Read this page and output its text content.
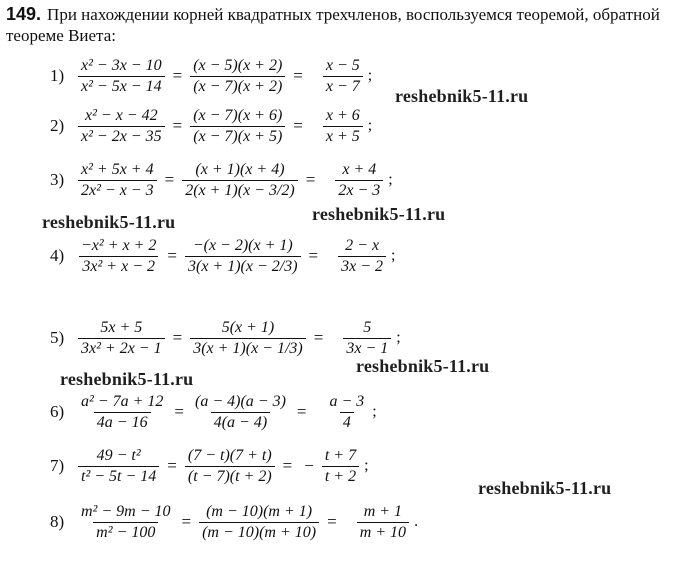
149. При нахождении корней квадратных трехчленов, воспользуемся теоремой, обратной теореме Виета:
$1) \frac{\text{x² − 3x − 10}}{\text{x² − 5x − 14}} = \frac{(x - 5)(x + 2)}{(x - 7)(x + 2)} = \frac{x - 5}{x - 7}$ ;
$2) \frac{\text{x² − x − 42}}{\text{x² − 2x − 35}} = \frac{(x - 7)(x + 6)}{(x - 7)(x + 5)} = \frac{x + 6}{x + 5}$ ;
$3) \frac{\text{x² + 5x + 4}}{\text{2x² − x − 3}} = \frac{(x + 1)(x + 4)}{2(x + 1)(x - 3/2)} = \frac{x + 4}{2x - 3}$ ;
$4) \frac{\text{−x² + x + 2}}{\text{3x² + x − 2}} = \frac{-(x - 2)(x + 1)}{3(x + 1)(x - 2/3)} = \frac{2 - x}{3x - 2}$ ;
$5) \frac{5x + 5}{\text{3x² + 2x − 1}} = \frac{5(x + 1)}{3(x + 1)(x - 1/3)} = \frac{5}{3x - 1}$ ;
$6) \frac{\text{a² − 7a + 12}}{4a - 16} = \frac{(a - 4)(a - 3)}{4(a - 4)} = \frac{a - 3}{4}$ ;
$7) \frac{\text{49 − t²}}{\text{t² − 5t − 14}} = \frac{(7 - t)(7 + t)}{(t - 7)(t + 2)}$ = − $\frac{t + 7}{t + 2}$ ;
$8) \frac{\text{m² − 9m − 10}}{\text{m² − 100}} = \frac{(m - 10)(m + 1)}{(m - 10)(m + 10)} = \frac{m + 1}{m + 10}$ .
reshebnik5-11.ru
reshebnik5-11.ru	reshebnik5-11.ru
reshebnik5-11.ru
reshebnik5-11.ru
reshebnik5-11.ru
